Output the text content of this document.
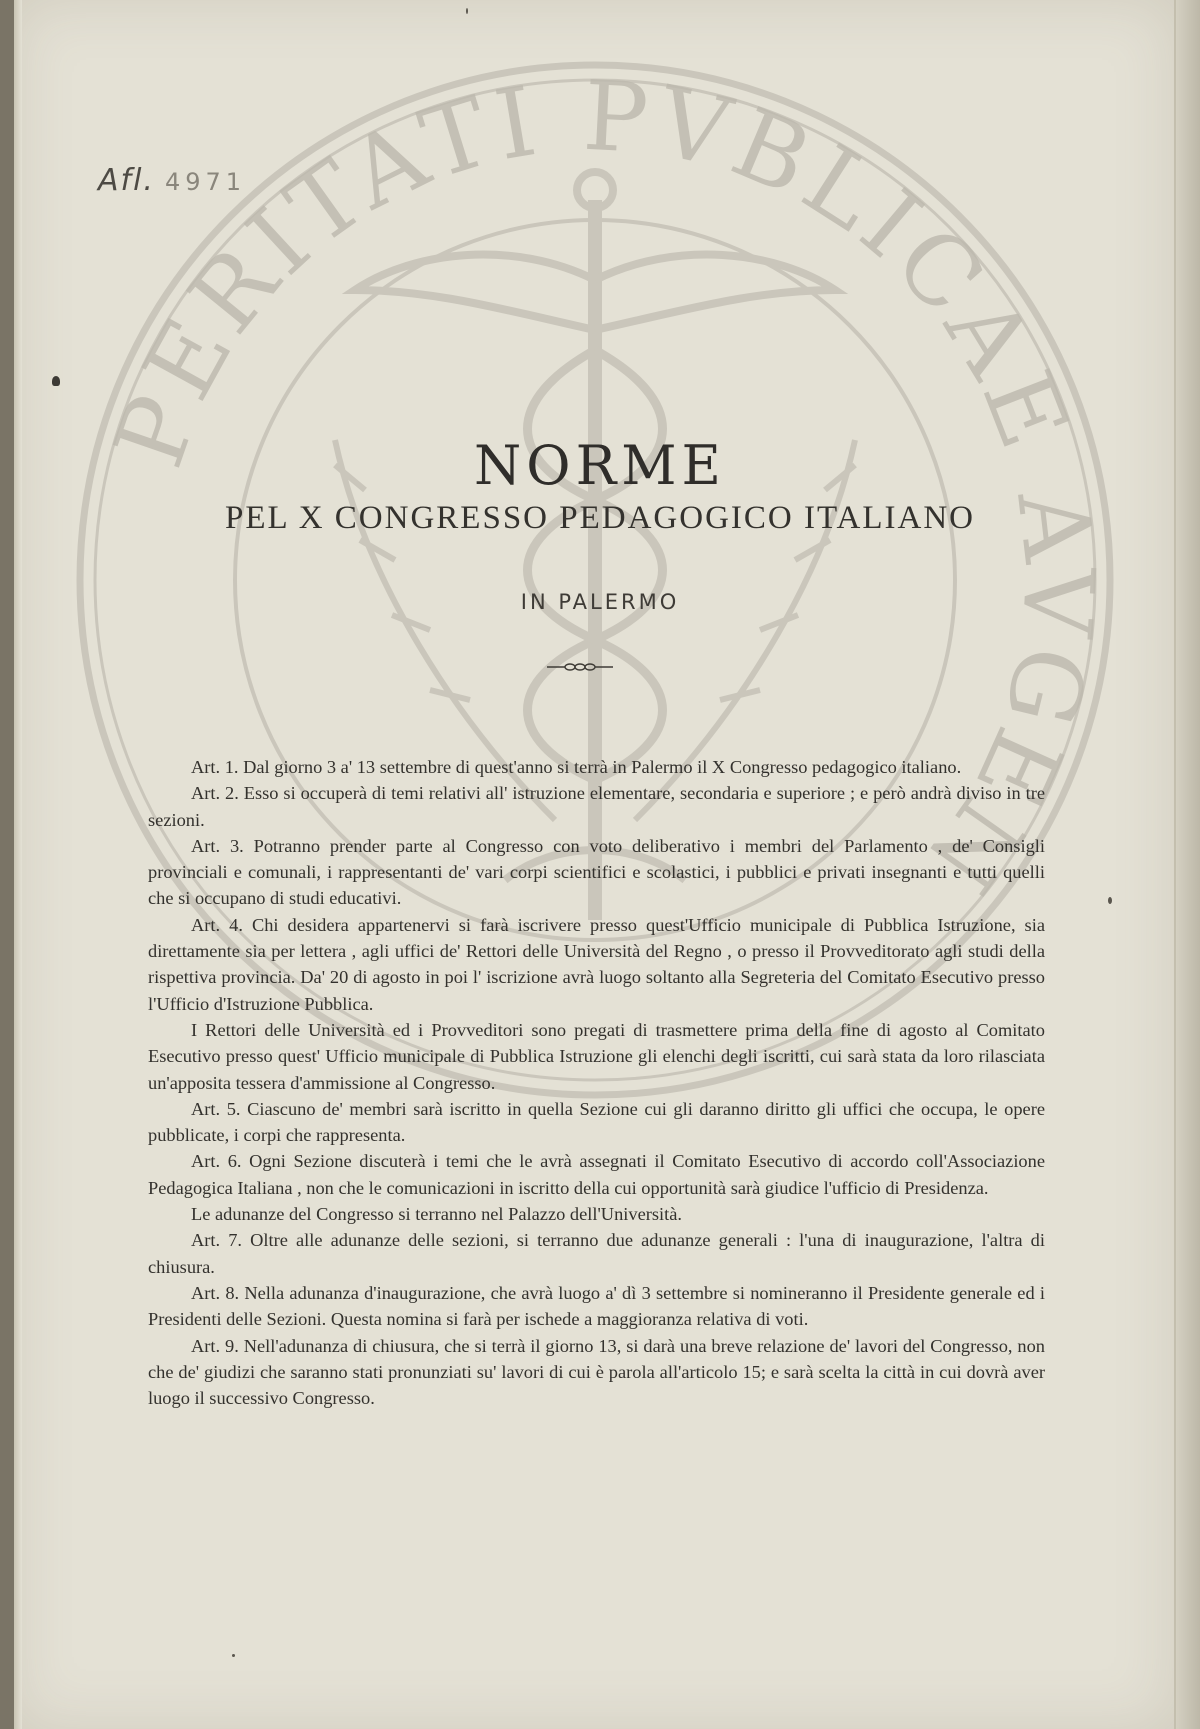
PERITATI PVBLICAE AVGEN
Afl. 4971
NORME
PEL X CONGRESSO PEDAGOGICO ITALIANO
IN PALERMO

Art. 1. Dal giorno 3 a' 13 settembre di quest'anno si terrà in Palermo il X Congresso pedagogico italiano.

Art. 2. Esso si occuperà di temi relativi all' istruzione elementare, secondaria e superiore ; e però andrà diviso in tre sezioni.

Art. 3. Potranno prender parte al Congresso con voto deliberativo i membri del Parlamento , de' Consigli provinciali e comunali, i rappresentanti de' vari corpi scientifici e scolastici, i pubblici e privati insegnanti e tutti quelli che si occupano di studi educativi.

Art. 4. Chi desidera appartenervi si farà iscrivere presso quest'Ufficio municipale di Pubblica Istruzione, sia direttamente sia per lettera , agli uffici de' Rettori delle Università del Regno , o presso il Provveditorato agli studi della rispettiva provincia. Da' 20 di agosto in poi l' iscrizione avrà luogo soltanto alla Segreteria del Comitato Esecutivo presso l'Ufficio d'Istruzione Pubblica.

I Rettori delle Università ed i Provveditori sono pregati di trasmettere prima della fine di agosto al Comitato Esecutivo presso quest' Ufficio municipale di Pubblica Istruzione gli elenchi degli iscritti, cui sarà stata da loro rilasciata un'apposita tessera d'ammissione al Congresso.

Art. 5. Ciascuno de' membri sarà iscritto in quella Sezione cui gli daranno diritto gli uffici che occupa, le opere pubblicate, i corpi che rappresenta.

Art. 6. Ogni Sezione discuterà i temi che le avrà assegnati il Comitato Esecutivo di accordo coll'Associazione Pedagogica Italiana , non che le comunicazioni in iscritto della cui opportunità sarà giudice l'ufficio di Presidenza.

Le adunanze del Congresso si terranno nel Palazzo dell'Università.

Art. 7. Oltre alle adunanze delle sezioni, si terranno due adunanze generali : l'una di inaugurazione, l'altra di chiusura.

Art. 8. Nella adunanza d'inaugurazione, che avrà luogo a' dì 3 settembre si nomineranno il Presidente generale ed i Presidenti delle Sezioni. Questa nomina si farà per ischede a maggioranza relativa di voti.

Art. 9. Nell'adunanza di chiusura, che si terrà il giorno 13, si darà una breve relazione de' lavori del Congresso, non che de' giudizi che saranno stati pronunziati su' lavori di cui è parola all'articolo 15; e sarà scelta la città in cui dovrà aver luogo il successivo Congresso.
